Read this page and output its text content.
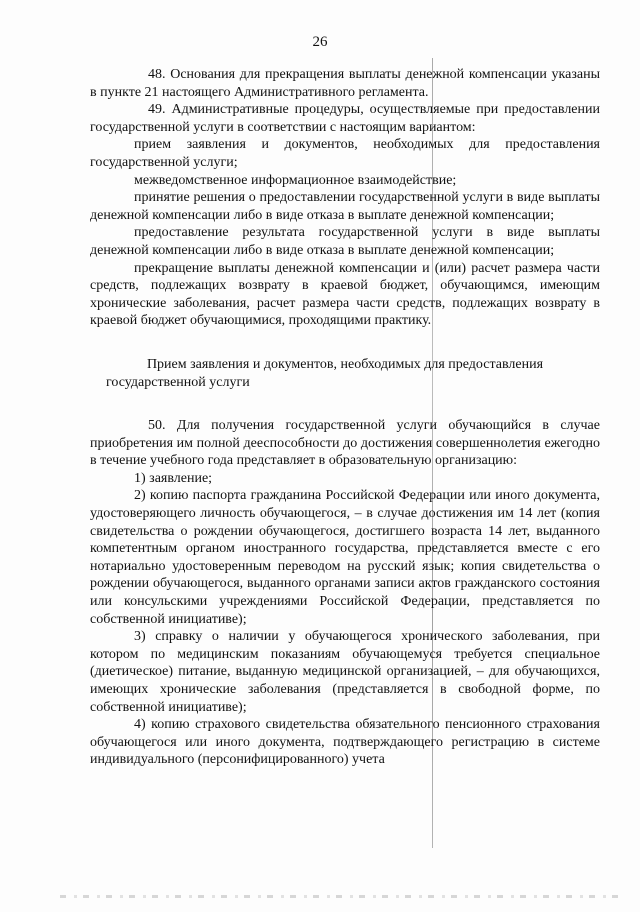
26

48. Основания для прекращения выплаты денежной компенсации указаны в пункте 21 настоящего Административного регламента.

49. Административные процедуры, осуществляемые при предоставлении государственной услуги в соответствии с настоящим вариантом:

прием заявления и документов, необходимых для предоставления государственной услуги;

межведомственное информационное взаимодействие;

принятие решения о предоставлении государственной услуги в виде выплаты денежной компенсации либо в виде отказа в выплате денежной компенсации;

предоставление результата государственной услуги в виде выплаты денежной компенсации либо в виде отказа в выплате денежной компенсации;

прекращение выплаты денежной компенсации и (или) расчет размера части средств, подлежащих возврату в краевой бюджет, обучающимся, имеющим хронические заболевания, расчет размера части средств, подлежащих возврату в краевой бюджет обучающимися, проходящими практику.

Прием заявления и документов, необходимых для предоставления государственной услуги

50. Для получения государственной услуги обучающийся в случае приобретения им полной дееспособности до достижения совершеннолетия ежегодно в течение учебного года представляет в образовательную организацию:

1) заявление;

2) копию паспорта гражданина Российской Федерации или иного документа, удостоверяющего личность обучающегося, – в случае достижения им 14 лет (копия свидетельства о рождении обучающегося, достигшего возраста 14 лет, выданного компетентным органом иностранного государства, представляется вместе с его нотариально удостоверенным переводом на русский язык; копия свидетельства о рождении обучающегося, выданного органами записи актов гражданского состояния или консульскими учреждениями Российской Федерации, представляется по собственной инициативе);

3) справку о наличии у обучающегося хронического заболевания, при котором по медицинским показаниям обучающемуся требуется специальное (диетическое) питание, выданную медицинской организацией, – для обучающихся, имеющих хронические заболевания (представляется в свободной форме, по собственной инициативе);

4) копию страхового свидетельства обязательного пенсионного страхования обучающегося или иного документа, подтверждающего регистрацию в системе индивидуального (персонифицированного) учета
